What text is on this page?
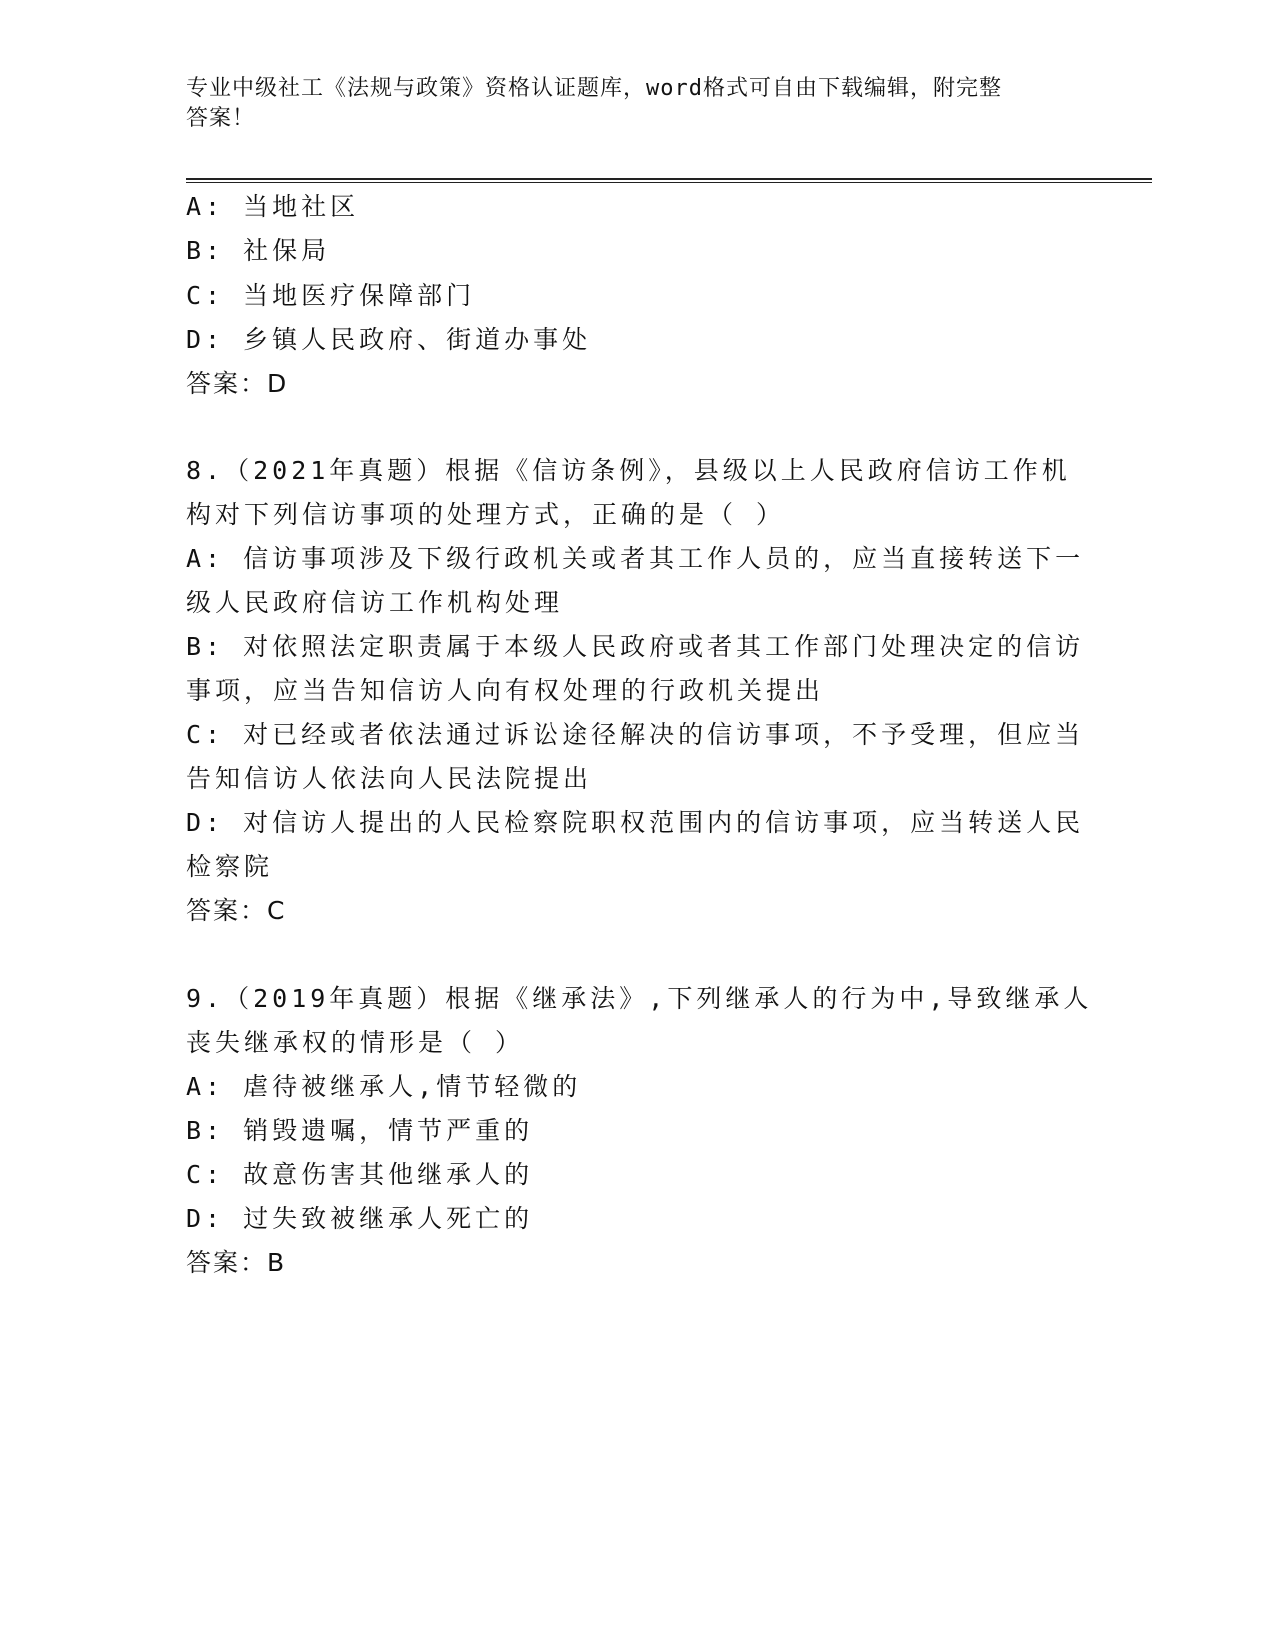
专业中级社工《法规与政策》资格认证题库，word格式可自由下载编辑，附完整
答案！
A: 当地社区
B: 社保局
C: 当地医疗保障部门
D: 乡镇人民政府、街道办事处
答案：D
8.（2021年真题）根据《信访条例》，县级以上人民政府信访工作机
构对下列信访事项的处理方式，正确的是（ ）
A: 信访事项涉及下级行政机关或者其工作人员的，应当直接转送下一
级人民政府信访工作机构处理
B: 对依照法定职责属于本级人民政府或者其工作部门处理决定的信访
事项，应当告知信访人向有权处理的行政机关提出
C: 对已经或者依法通过诉讼途径解决的信访事项，不予受理，但应当
告知信访人依法向人民法院提出
D: 对信访人提出的人民检察院职权范围内的信访事项，应当转送人民
检察院
答案：C
9.（2019年真题）根据《继承法》,下列继承人的行为中,导致继承人
丧失继承权的情形是（ ）
A: 虐待被继承人,情节轻微的
B: 销毁遗嘱，情节严重的
C: 故意伤害其他继承人的
D: 过失致被继承人死亡的
答案：B
